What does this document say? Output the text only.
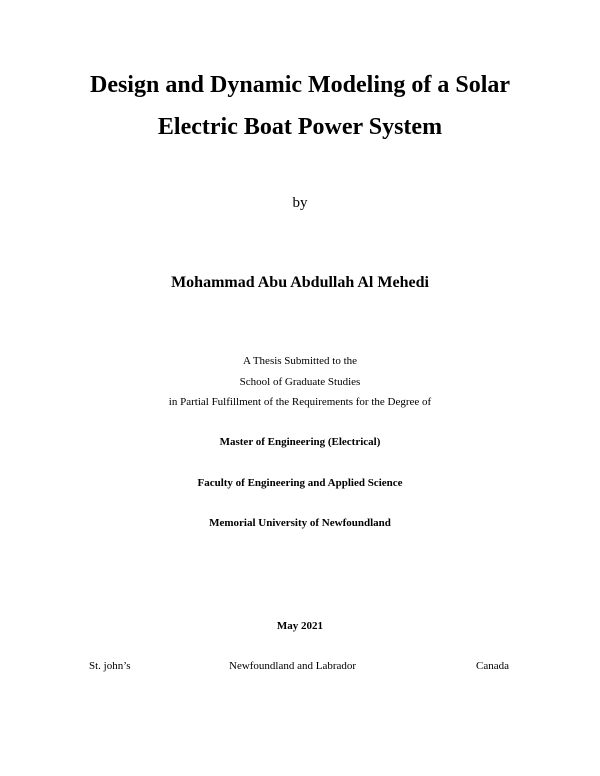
Design and Dynamic Modeling of a Solar
Electric Boat Power System
by
Mohammad Abu Abdullah Al Mehedi
A Thesis Submitted to the
School of Graduate Studies
in Partial Fulfillment of the Requirements for the Degree of
Master of Engineering (Electrical)
Faculty of Engineering and Applied Science
Memorial University of Newfoundland
May 2021
St. john’s	Newfoundland and Labrador	Canada
